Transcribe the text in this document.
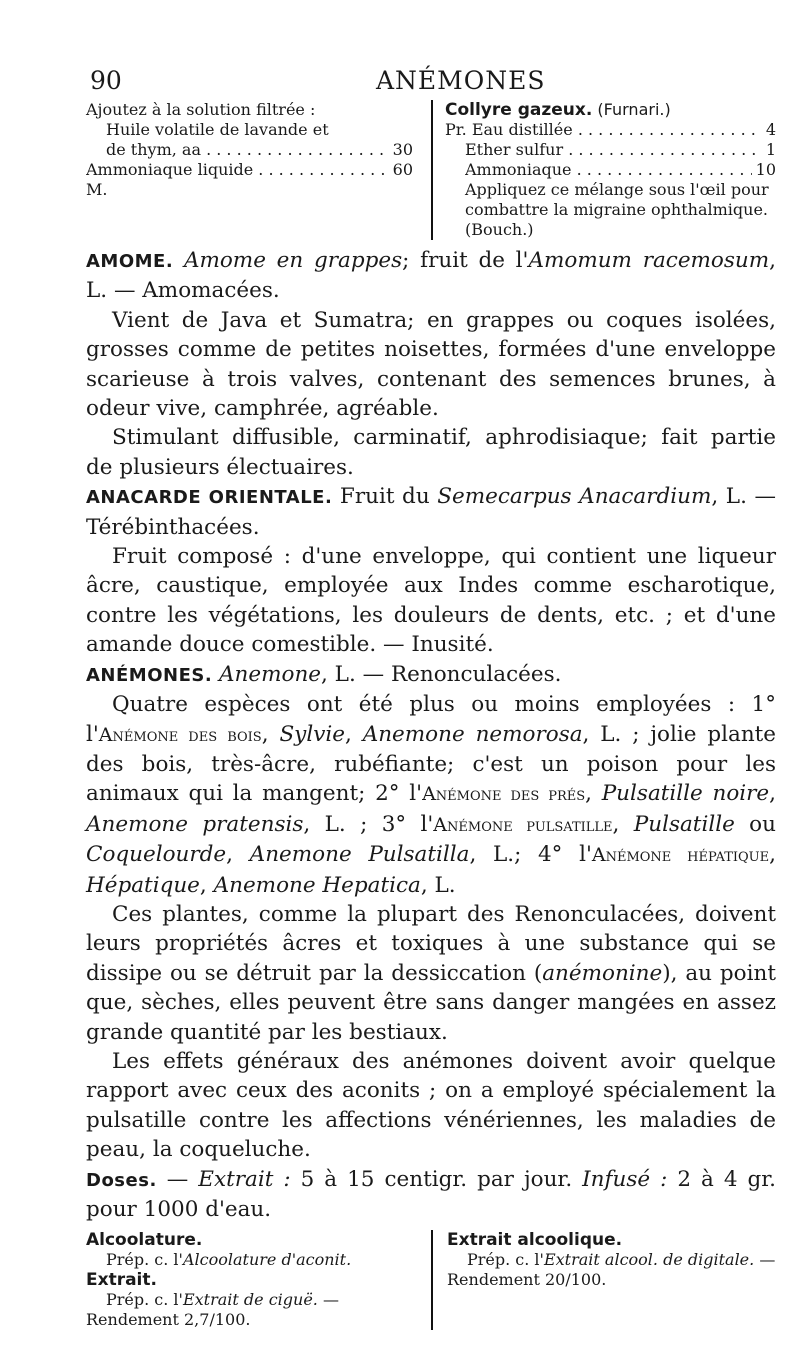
90	ANÉMONES
Ajoutez à la solution filtrée :
Huile volatile de lavande et
de thym, aa . . .	30
Ammoniaque liquide . . .	60
M.
Collyre gazeux. (Furnari.)
Pr. Eau distillée . . .	4
Ether sulfur . . .	1
Ammoniaque . . .	10
Appliquez ce mélange sous l'œil pour combattre la migraine ophthalmique. (Bouch.)

AMOME. Amome en grappes; fruit de l'Amomum racemosum, L. — Amomacées.

Vient de Java et Sumatra; en grappes ou coques isolées, grosses comme de petites noisettes, formées d'une enveloppe scarieuse à trois valves, contenant des semences brunes, à odeur vive, camphrée, agréable.

Stimulant diffusible, carminatif, aphrodisiaque; fait partie de plusieurs électuaires.

ANACARDE ORIENTALE. Fruit du Semecarpus Anacardium, L. — Térébinthacées.

Fruit composé : d'une enveloppe, qui contient une liqueur âcre, caustique, employée aux Indes comme escharotique, contre les végétations, les douleurs de dents, etc. ; et d'une amande douce comestible. — Inusité.

ANÉMONES. Anemone, L. — Renonculacées.

Quatre espèces ont été plus ou moins employées : 1° l'Anémone des bois, Sylvie, Anemone nemorosa, L. ; jolie plante des bois, très-âcre, rubéfiante; c'est un poison pour les animaux qui la mangent; 2° l'Anémone des prés, Pulsatille noire, Anemone pratensis, L. ; 3° l'Anémone pulsatille, Pulsatille ou Coquelourde, Anemone Pulsatilla, L.; 4° l'Anémone hépatique, Hépatique, Anemone Hepatica, L.

Ces plantes, comme la plupart des Renonculacées, doivent leurs propriétés âcres et toxiques à une substance qui se dissipe ou se détruit par la dessiccation (anémonine), au point que, sèches, elles peuvent être sans danger mangées en assez grande quantité par les bestiaux.

Les effets généraux des anémones doivent avoir quelque rapport avec ceux des aconits ; on a employé spécialement la pulsatille contre les affections vénériennes, les maladies de peau, la coqueluche.

Doses. — Extrait : 5 à 15 centigr. par jour. Infusé : 2 à 4 gr. pour 1000 d'eau.

Alcoolature.
Prép. c. l'Alcoolature d'aconit.
Extrait.
Prép. c. l'Extrait de ciguë. — Rendement 2,7/100.
Extrait alcoolique.
Prép. c. l'Extrait alcool. de digitale. — Rendement 20/100.
